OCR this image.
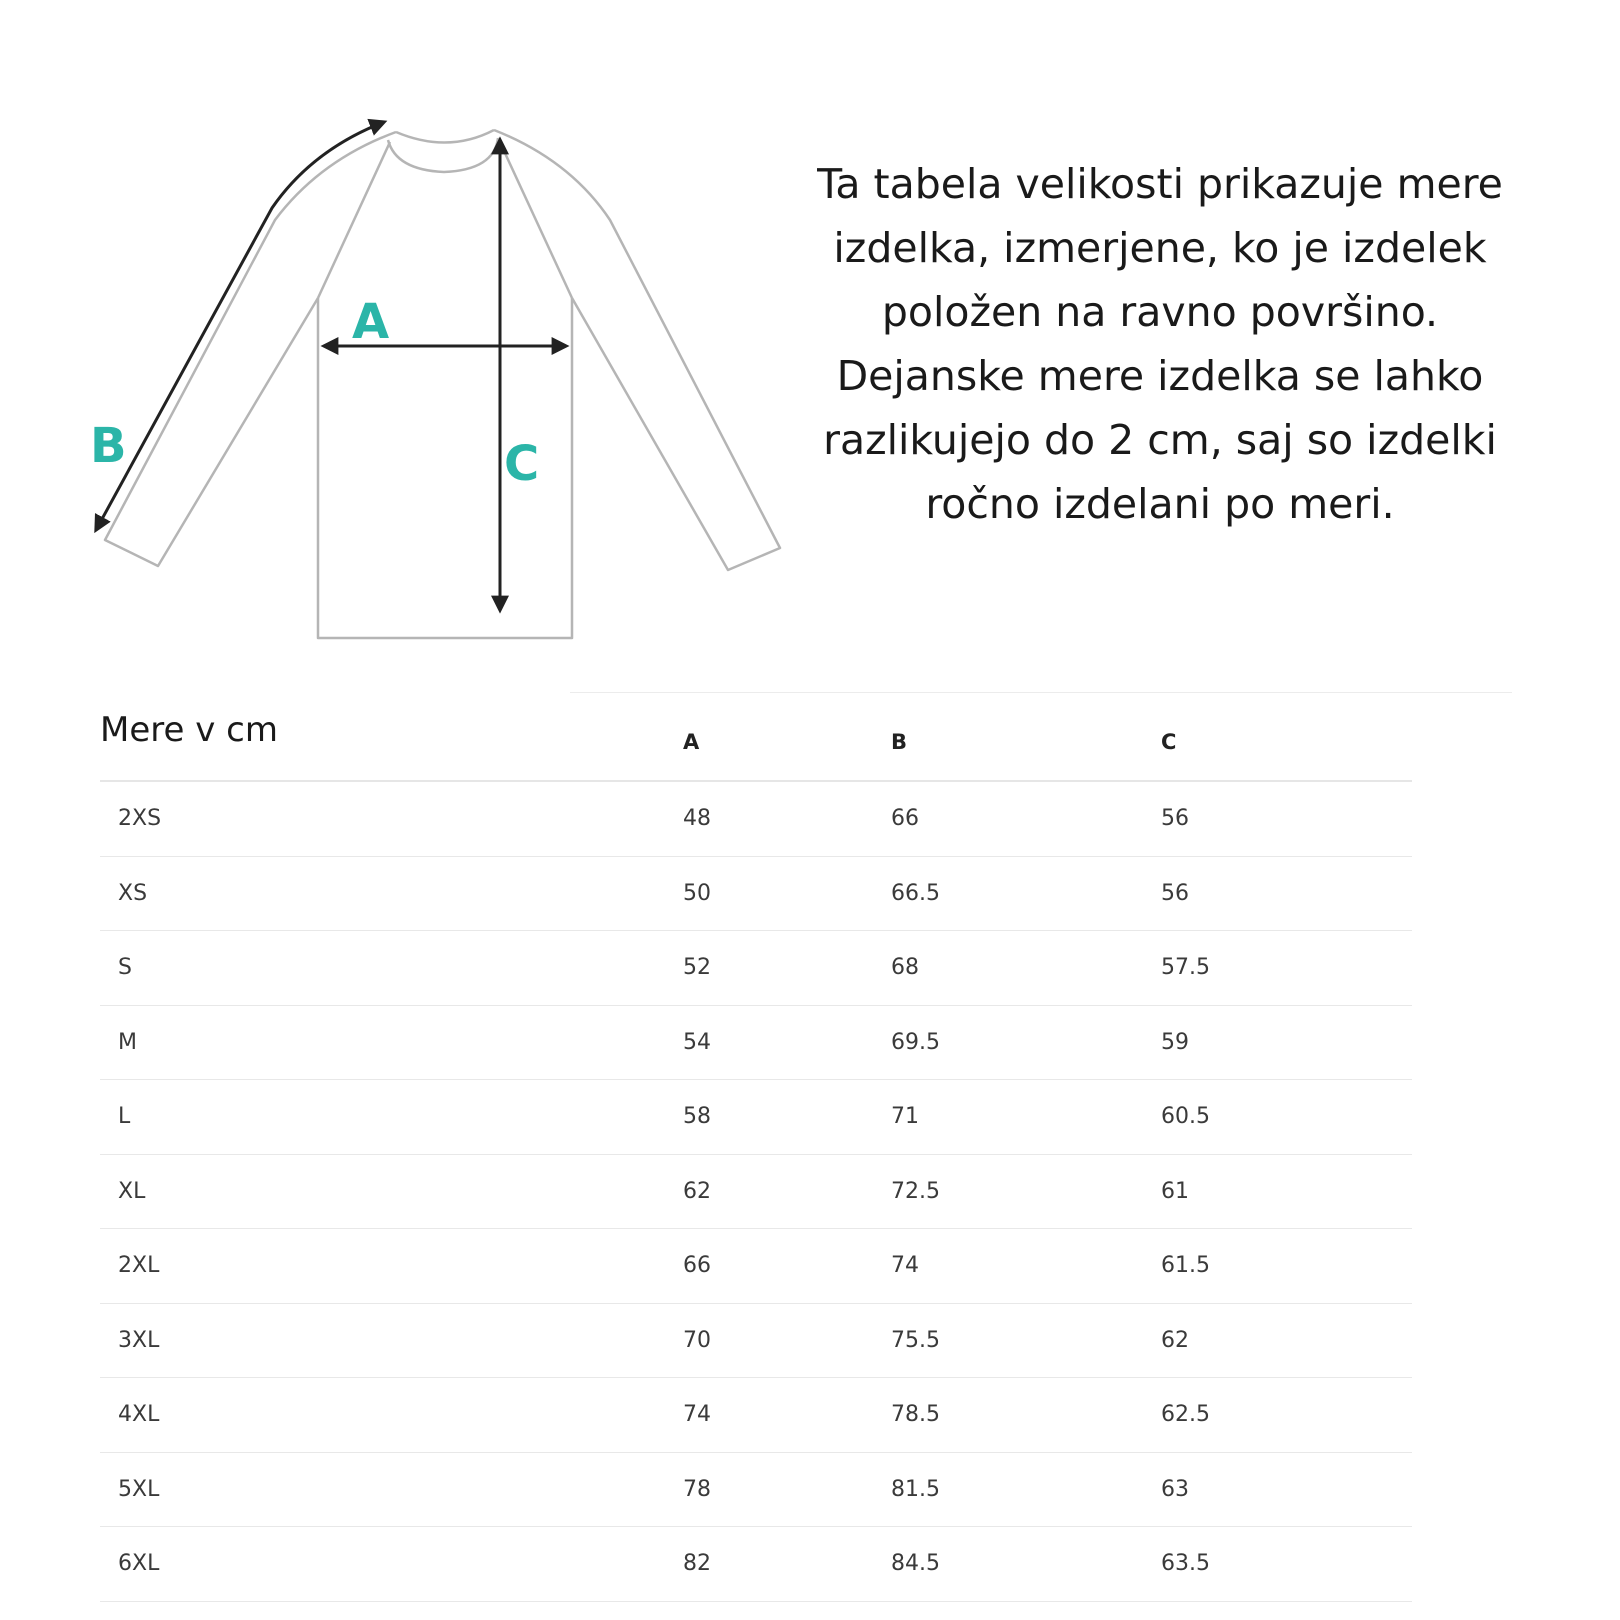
A
B	C
Ta tabela velikosti prikazuje mere
izdelka, izmerjene, ko je izdelek
položen na ravno površino.
Dejanske mere izdelka se lahko
razlikujejo do 2 cm, saj so izdelki
ročno izdelani po meri.
Mere v cm	A	B	C
2XS	48	66	56
XS	50	66.5	56
S	52	68	57.5
M	54	69.5	59
L	58	71	60.5
XL	62	72.5	61
2XL	66	74	61.5
3XL	70	75.5	62
4XL	74	78.5	62.5
5XL	78	81.5	63
6XL	82	84.5	63.5
